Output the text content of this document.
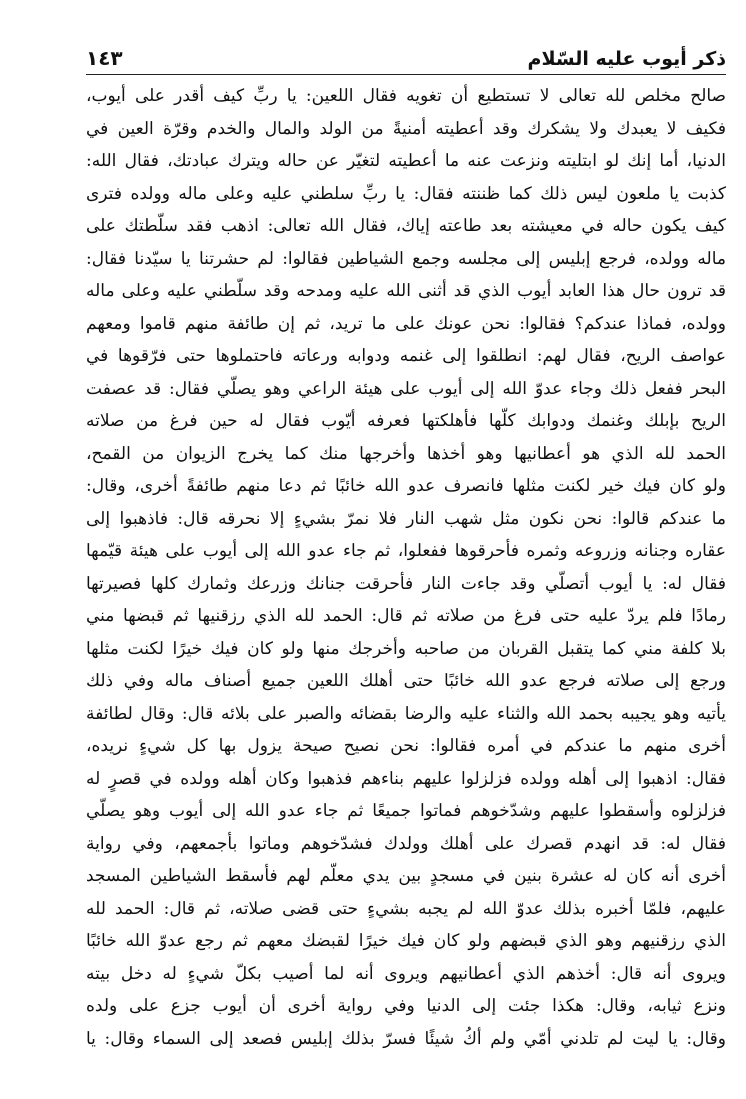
ذكر أيوب عليه السّلام
١٤٣
صالح مخلص لله تعالى لا تستطيع أن تغويه فقال اللعين: يا ربِّ كيف أقدر على أيوب،
فكيف لا يعبدك ولا يشكرك وقد أعطيته أمنيةً من الولد والمال والخدم وقرّة العين في
الدنيا، أما إنك لو ابتليته ونزعت عنه ما أعطيته لتغيّر عن حاله ويترك عبادتك، فقال الله:
كذبت يا ملعون ليس ذلك كما ظننته فقال: يا ربِّ سلطني عليه وعلى ماله وولده فترى
كيف يكون حاله في معيشته بعد طاعته إياك، فقال الله تعالى: اذهب فقد سلّطتك على
ماله وولده، فرجع إبليس إلى مجلسه وجمع الشياطين فقالوا: لم حشرتنا يا سيّدنا فقال:
قد ترون حال هذا العابد أيوب الذي قد أثنى الله عليه ومدحه وقد سلّطني عليه وعلى ماله
وولده، فماذا عندكم؟ فقالوا: نحن عونك على ما تريد، ثم إن طائفة منهم قاموا ومعهم
عواصف الريح، فقال لهم: انطلقوا إلى غنمه ودوابه ورعاته فاحتملوها حتى فرّقوها في
البحر ففعل ذلك وجاء عدوّ الله إلى أيوب على هيئة الراعي وهو يصلّي فقال: قد عصفت
الريح بإبلك وغنمك ودوابك كلّها فأهلكتها فعرفه أيّوب فقال له حين فرغ من صلاته
الحمد لله الذي هو أعطانيها وهو أخذها وأخرجها منك كما يخرج الزيوان من القمح،
ولو كان فيك خير لكنت مثلها فانصرف عدو الله خائبًا ثم دعا منهم طائفةً أخرى، وقال:
ما عندكم قالوا: نحن نكون مثل شهب النار فلا نمرّ بشيءٍ إلا نحرقه قال: فاذهبوا إلى
عقاره وجنانه وزروعه وثمره فأحرقوها ففعلوا، ثم جاء عدو الله إلى أيوب على هيئة قيّمها
فقال له: يا أيوب أتصلّي وقد جاءت النار فأحرقت جنانك وزرعك وثمارك كلها فصيرتها
رمادًا فلم يردّ عليه حتى فرغ من صلاته ثم قال: الحمد لله الذي رزقنيها ثم قبضها مني
بلا كلفة مني كما يتقبل القربان من صاحبه وأخرجك منها ولو كان فيك خيرًا لكنت مثلها
ورجع إلى صلاته فرجع عدو الله خائبًا حتى أهلك اللعين جميع أصناف ماله وفي ذلك
يأتيه وهو يجيبه بحمد الله والثناء عليه والرضا بقضائه والصبر على بلائه قال: وقال لطائفة
أخرى منهم ما عندكم في أمره فقالوا: نحن نصيح صيحة يزول بها كل شيءٍ نريده،
فقال: اذهبوا إلى أهله وولده فزلزلوا عليهم بناءهم فذهبوا وكان أهله وولده في قصرٍ له
فزلزلوه وأسقطوا عليهم وشدّخوهم فماتوا جميعًا ثم جاء عدو الله إلى أيوب وهو يصلّي
فقال له: قد انهدم قصرك على أهلك وولدك فشدّخوهم وماتوا بأجمعهم، وفي رواية
أخرى أنه كان له عشرة بنين في مسجدٍ بين يدي معلّم لهم فأسقط الشياطين المسجد
عليهم، فلمّا أخبره بذلك عدوّ الله لم يجبه بشيءٍ حتى قضى صلاته، ثم قال: الحمد لله
الذي رزقنيهم وهو الذي قبضهم ولو كان فيك خيرًا لقبضك معهم ثم رجع عدوّ الله خائبًا
ويروى أنه قال: أخذهم الذي أعطانيهم ويروى أنه لما أصيب بكلّ شيءٍ له دخل بيته
ونزع ثيابه، وقال: هكذا جئت إلى الدنيا وفي رواية أخرى أن أيوب جزع على ولده
وقال: يا ليت لم تلدني أمّي ولم أكُ شيئًا فسرّ بذلك إبليس فصعد إلى السماء وقال: يا
